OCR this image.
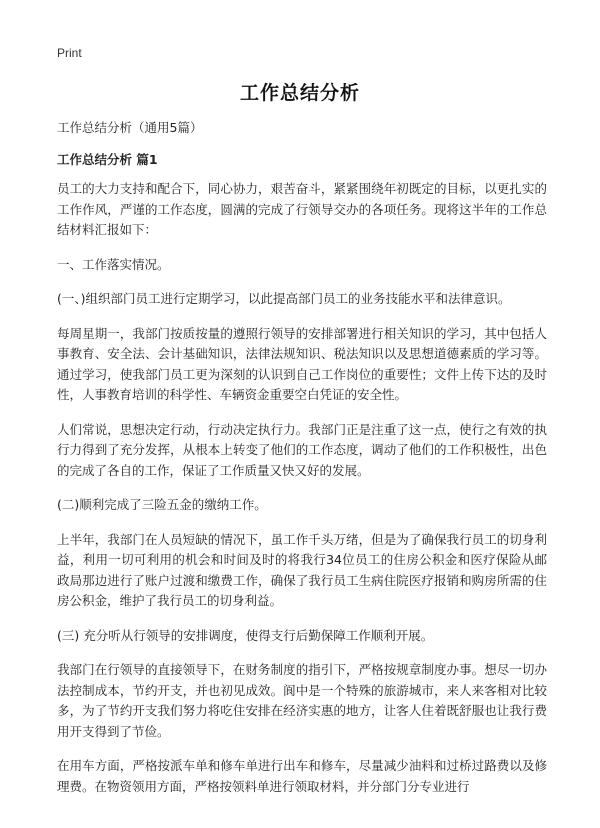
Print
工作总结分析

工作总结分析（通用5篇）

工作总结分析 篇1

员工的大力支持和配合下，同心协力，艰苦奋斗，紧紧围绕年初既定的目标，以更扎实的工作作风，严谨的工作态度，圆满的完成了行领导交办的各项任务。现将这半年的工作总结材料汇报如下：

一、工作落实情况。

(一、)组织部门员工进行定期学习，以此提高部门员工的业务技能水平和法律意识。

每周星期一，我部门按质按量的遵照行领导的安排部署进行相关知识的学习，其中包括人事教育、安全法、会计基础知识，法律法规知识、税法知识以及思想道德素质的学习等。通过学习，使我部门员工更为深刻的认识到自己工作岗位的重要性；文件上传下达的及时性，人事教育培训的科学性、车辆资金重要空白凭证的安全性。

人们常说，思想决定行动，行动决定执行力。我部门正是注重了这一点，使行之有效的执行力得到了充分发挥，从根本上转变了他们的工作态度，调动了他们的工作积极性，出色的完成了各自的工作，保证了工作质量又快又好的发展。

(二)顺利完成了三险五金的缴纳工作。

上半年，我部门在人员短缺的情况下，虽工作千头万绪，但是为了确保我行员工的切身利益，利用一切可利用的机会和时间及时的将我行34位员工的住房公积金和医疗保险从邮政局那边进行了账户过渡和缴费工作，确保了我行员工生病住院医疗报销和购房所需的住房公积金，维护了我行员工的切身利益。

(三) 充分听从行领导的安排调度，使得支行后勤保障工作顺利开展。

我部门在行领导的直接领导下，在财务制度的指引下，严格按规章制度办事。想尽一切办法控制成本，节约开支，并也初见成效。阆中是一个特殊的旅游城市，来人来客相对比较多，为了节约开支我们努力将吃住安排在经济实惠的地方，让客人住着既舒服也让我行费用开支得到了节俭。

在用车方面，严格按派车单和修车单进行出车和修车，尽量减少油料和过桥过路费以及修理费。在物资领用方面，严格按领料单进行领取材料，并分部门分专业进行
